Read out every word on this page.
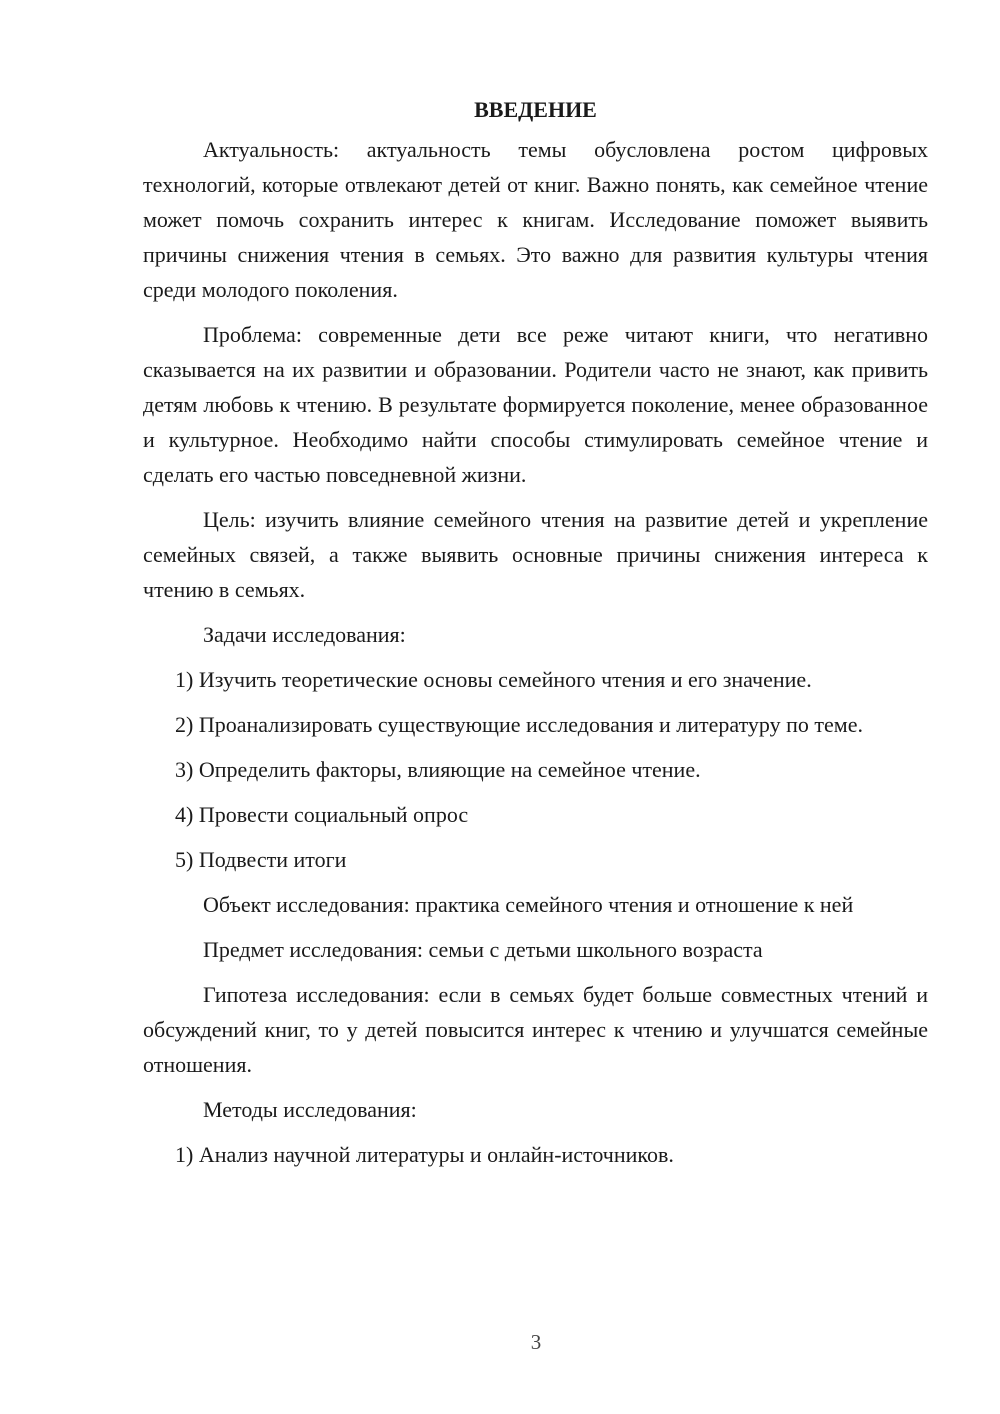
ВВЕДЕНИЕ

Актуальность: актуальность темы обусловлена ростом цифровых технологий, которые отвлекают детей от книг. Важно понять, как семейное чтение может помочь сохранить интерес к книгам. Исследование поможет выявить причины снижения чтения в семьях. Это важно для развития культуры чтения среди молодого поколения.

Проблема: современные дети все реже читают книги, что негативно сказывается на их развитии и образовании. Родители часто не знают, как привить детям любовь к чтению. В результате формируется поколение, менее образованное и культурное. Необходимо найти способы стимулировать семейное чтение и сделать его частью повседневной жизни.

Цель: изучить влияние семейного чтения на развитие детей и укрепление семейных связей, а также выявить основные причины снижения интереса к чтению в семьях.

Задачи исследования:

1) Изучить теоретические основы семейного чтения и его значение.

2) Проанализировать существующие исследования и литературу по теме.

3) Определить факторы, влияющие на семейное чтение.

4) Провести социальный опрос

5) Подвести итоги

Объект исследования: практика семейного чтения и отношение к ней

Предмет исследования: семьи с детьми школьного возраста

Гипотеза исследования: если в семьях будет больше совместных чтений и обсуждений книг, то у детей повысится интерес к чтению и улучшатся семейные отношения.

Методы исследования:

1) Анализ научной литературы и онлайн-источников.

3
